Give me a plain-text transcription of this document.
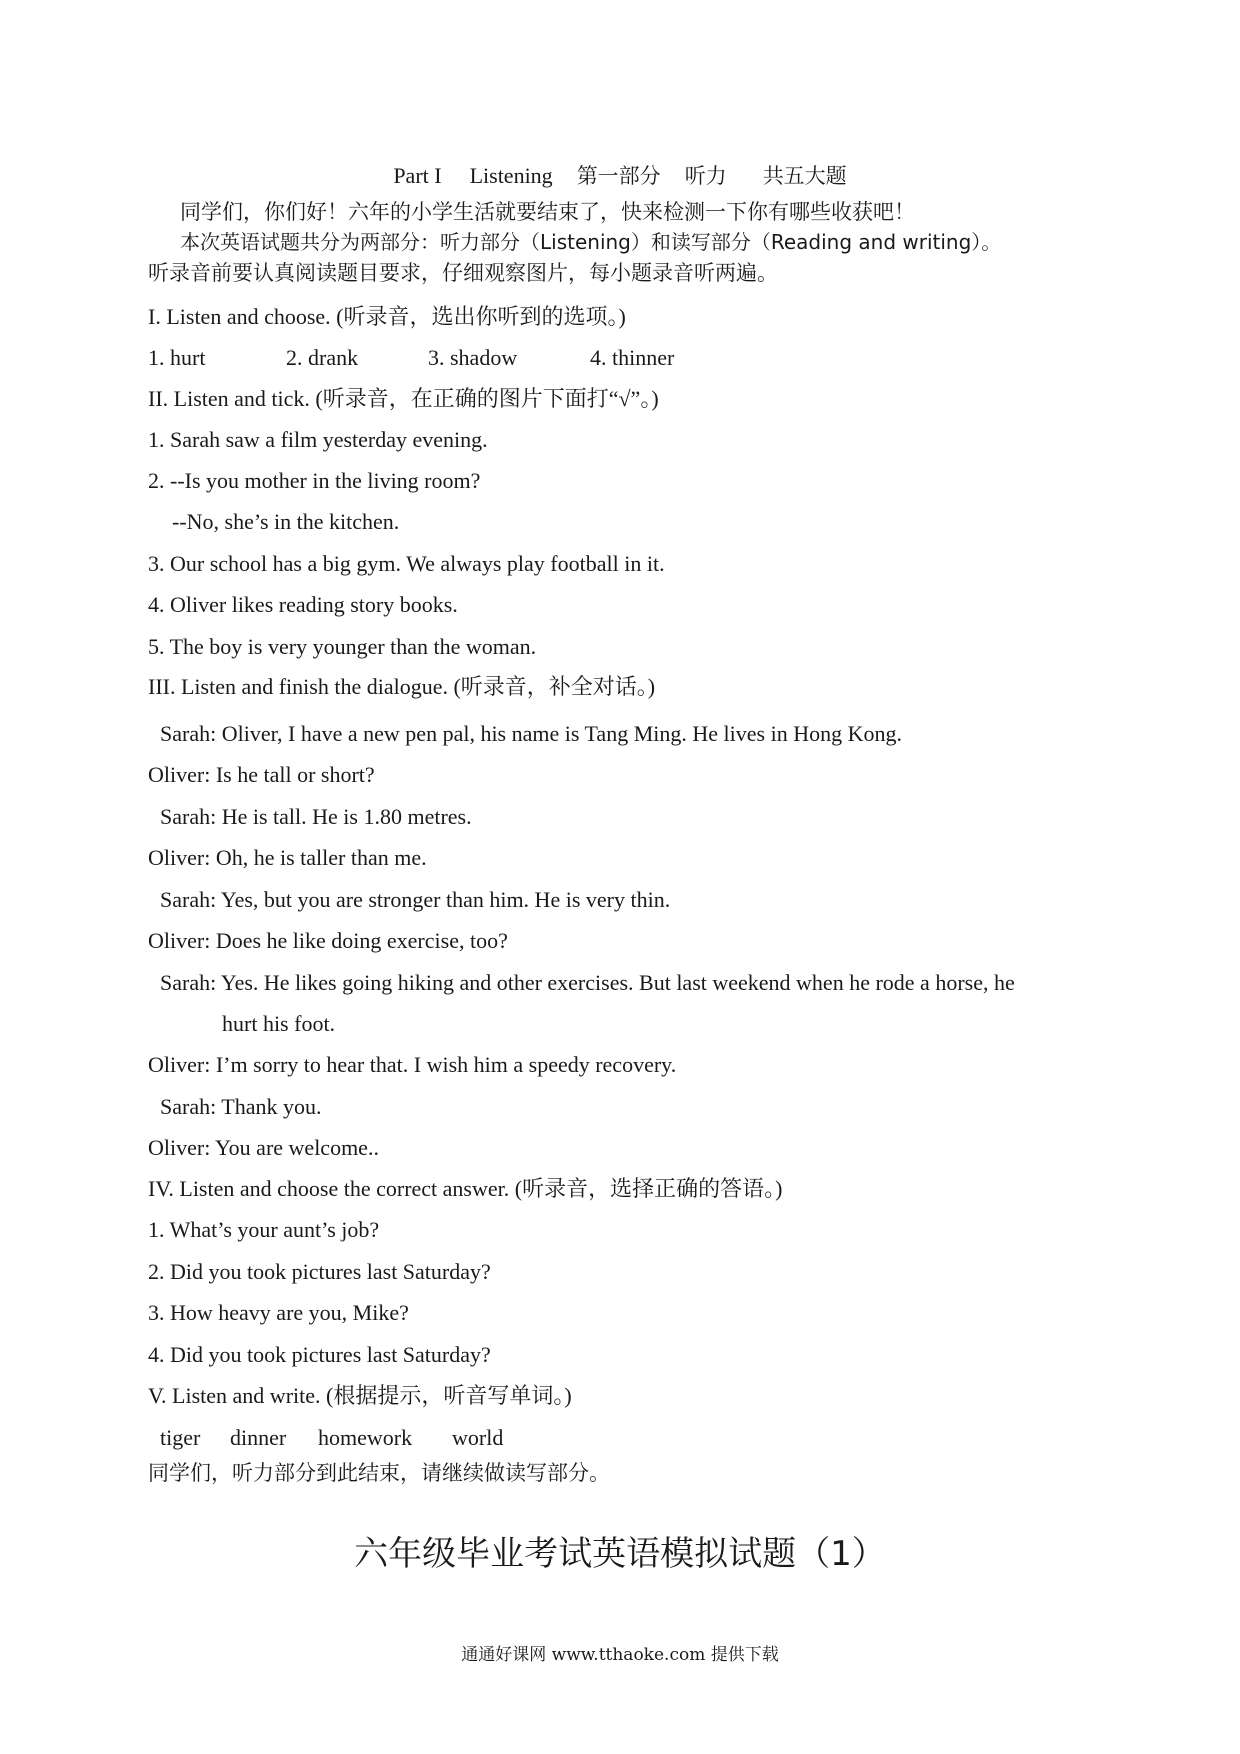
Part I Listening 第一部分 听力 共五大题
同学们，你们好！六年的小学生活就要结束了，快来检测一下你有哪些收获吧！
本次英语试题共分为两部分：听力部分（Listening）和读写部分（Reading and writing）。
听录音前要认真阅读题目要求，仔细观察图片，每小题录音听两遍。
I. Listen and choose. (听录音，选出你听到的选项。)
1. hurt	2. drank	3. shadow	4. thinner
II. Listen and tick. (听录音，在正确的图片下面打“√”。)
1. Sarah saw a film yesterday evening.
2. --Is you mother in the living room?
--No, she’s in the kitchen.
3. Our school has a big gym. We always play football in it.
4. Oliver likes reading story books.
5. The boy is very younger than the woman.
III. Listen and finish the dialogue. (听录音，补全对话。)
Sarah: Oliver, I have a new pen pal, his name is Tang Ming. He lives in Hong Kong.
Oliver: Is he tall or short?
Sarah: He is tall. He is 1.80 metres.
Oliver: Oh, he is taller than me.
Sarah: Yes, but you are stronger than him. He is very thin.
Oliver: Does he like doing exercise, too?
Sarah: Yes. He likes going hiking and other exercises. But last weekend when he rode a horse, he
hurt his foot.
Oliver: I’m sorry to hear that. I wish him a speedy recovery.
Sarah: Thank you.
Oliver: You are welcome..
IV. Listen and choose the correct answer. (听录音，选择正确的答语。)
1. What’s your aunt’s job?
2. Did you took pictures last Saturday?
3. How heavy are you, Mike?
4. Did you took pictures last Saturday?
V. Listen and write. (根据提示，听音写单词。)
tiger dinner homework world
同学们，听力部分到此结束，请继续做读写部分。
六年级毕业考试英语模拟试题（1）
通通好课网 www.tthaoke.com 提供下载
